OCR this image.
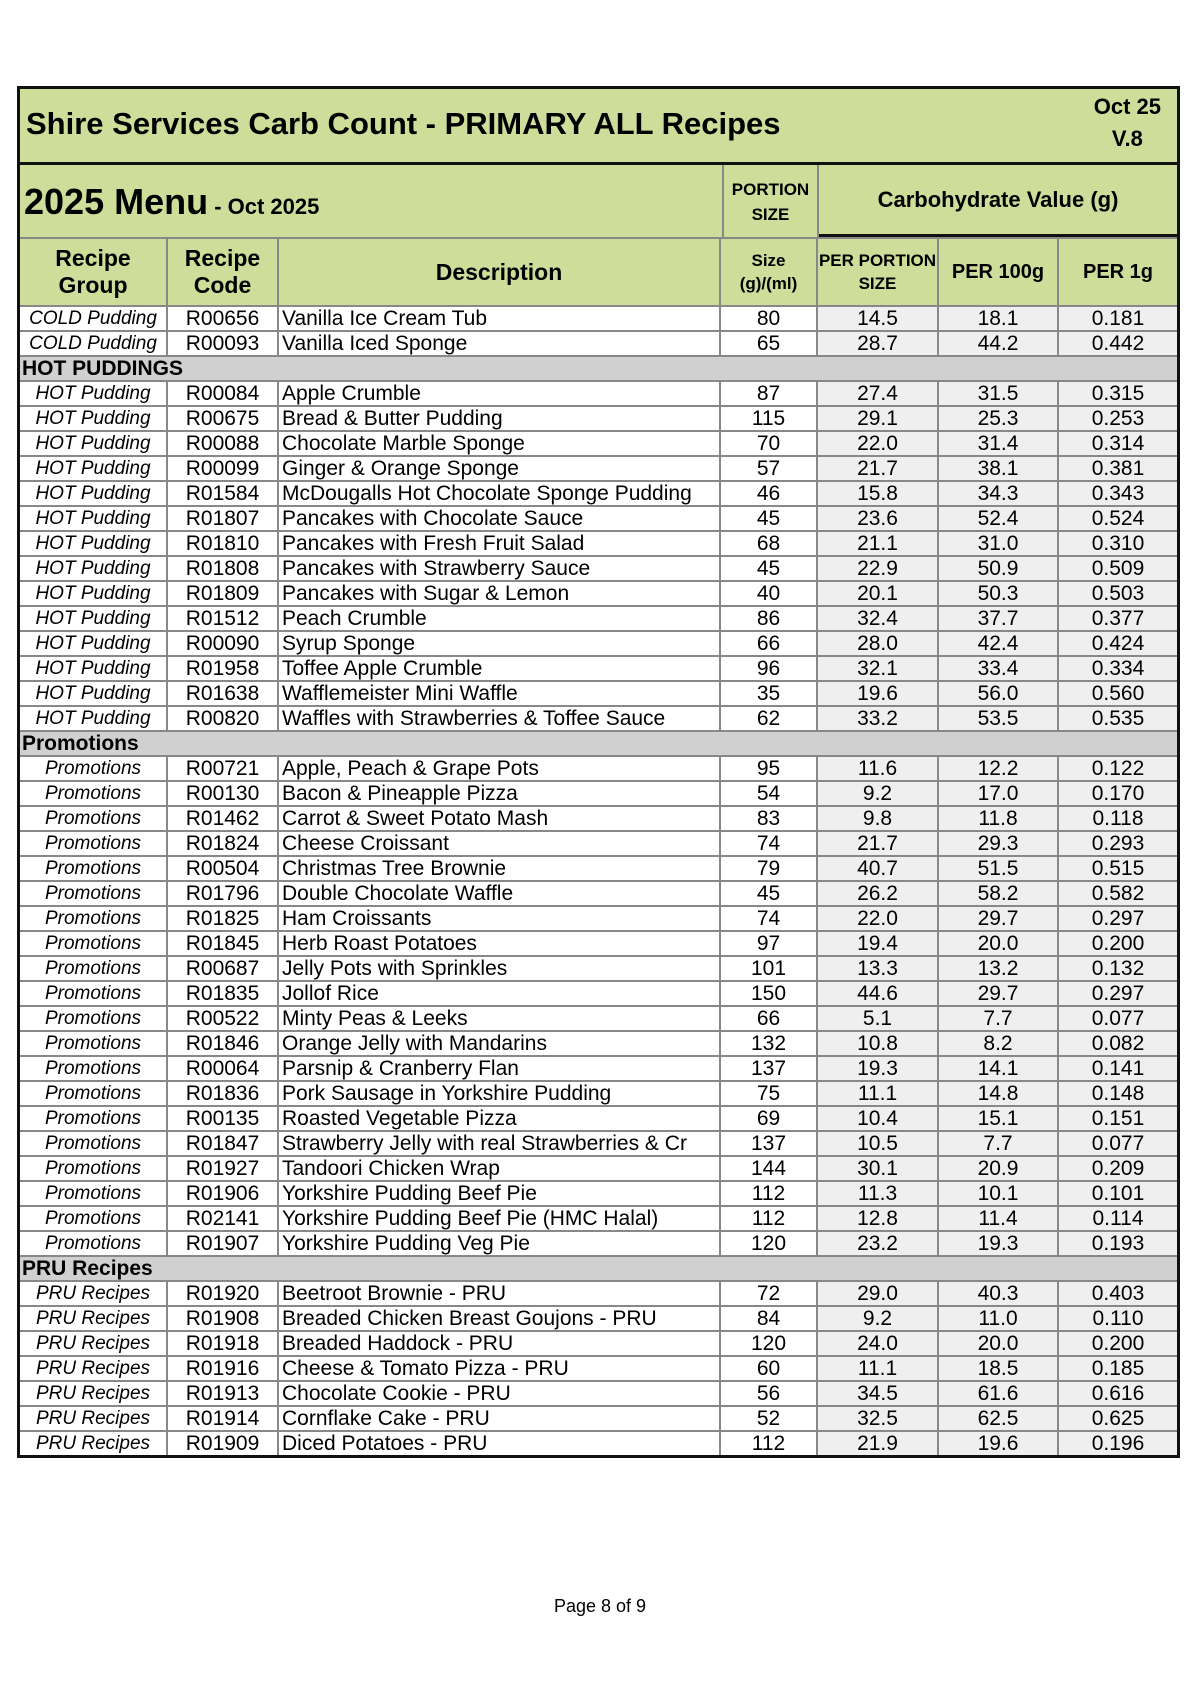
Shire Services Carb Count - PRIMARY ALL Recipes	Oct 25
V.8
2025 Menu - Oct 2025
PORTION SIZE
Carbohydrate Value (g)
Recipe Group	Recipe Code	Description	Size (g)/(ml)	PER PORTION SIZE	PER 100g	PER 1g
COLD Pudding	R00656	Vanilla Ice Cream Tub	80	14.5	18.1	0.181
COLD Pudding	R00093	Vanilla Iced Sponge	65	28.7	44.2	0.442
HOT PUDDINGS						
HOT Pudding	R00084	Apple Crumble	87	27.4	31.5	0.315
HOT Pudding	R00675	Bread & Butter Pudding	115	29.1	25.3	0.253
HOT Pudding	R00088	Chocolate Marble Sponge	70	22.0	31.4	0.314
HOT Pudding	R00099	Ginger & Orange Sponge	57	21.7	38.1	0.381
HOT Pudding	R01584	McDougalls Hot Chocolate Sponge Pudding	46	15.8	34.3	0.343
HOT Pudding	R01807	Pancakes with Chocolate Sauce	45	23.6	52.4	0.524
HOT Pudding	R01810	Pancakes with Fresh Fruit Salad	68	21.1	31.0	0.310
HOT Pudding	R01808	Pancakes with Strawberry Sauce	45	22.9	50.9	0.509
HOT Pudding	R01809	Pancakes with Sugar & Lemon	40	20.1	50.3	0.503
HOT Pudding	R01512	Peach Crumble	86	32.4	37.7	0.377
HOT Pudding	R00090	Syrup Sponge	66	28.0	42.4	0.424
HOT Pudding	R01958	Toffee Apple Crumble	96	32.1	33.4	0.334
HOT Pudding	R01638	Wafflemeister Mini Waffle	35	19.6	56.0	0.560
HOT Pudding	R00820	Waffles with Strawberries & Toffee Sauce	62	33.2	53.5	0.535
Promotions						
Promotions	R00721	Apple, Peach & Grape Pots	95	11.6	12.2	0.122
Promotions	R00130	Bacon & Pineapple Pizza	54	9.2	17.0	0.170
Promotions	R01462	Carrot & Sweet Potato Mash	83	9.8	11.8	0.118
Promotions	R01824	Cheese Croissant	74	21.7	29.3	0.293
Promotions	R00504	Christmas Tree Brownie	79	40.7	51.5	0.515
Promotions	R01796	Double Chocolate Waffle	45	26.2	58.2	0.582
Promotions	R01825	Ham Croissants	74	22.0	29.7	0.297
Promotions	R01845	Herb Roast Potatoes	97	19.4	20.0	0.200
Promotions	R00687	Jelly Pots with Sprinkles	101	13.3	13.2	0.132
Promotions	R01835	Jollof Rice	150	44.6	29.7	0.297
Promotions	R00522	Minty Peas & Leeks	66	5.1	7.7	0.077
Promotions	R01846	Orange Jelly with Mandarins	132	10.8	8.2	0.082
Promotions	R00064	Parsnip & Cranberry Flan	137	19.3	14.1	0.141
Promotions	R01836	Pork Sausage in Yorkshire Pudding	75	11.1	14.8	0.148
Promotions	R00135	Roasted Vegetable Pizza	69	10.4	15.1	0.151
Promotions	R01847	Strawberry Jelly with real Strawberries & Cr	137	10.5	7.7	0.077
Promotions	R01927	Tandoori Chicken Wrap	144	30.1	20.9	0.209
Promotions	R01906	Yorkshire Pudding Beef Pie	112	11.3	10.1	0.101
Promotions	R02141	Yorkshire Pudding Beef Pie (HMC Halal)	112	12.8	11.4	0.114
Promotions	R01907	Yorkshire Pudding Veg Pie	120	23.2	19.3	0.193
PRU Recipes						
PRU Recipes	R01920	Beetroot Brownie - PRU	72	29.0	40.3	0.403
PRU Recipes	R01908	Breaded Chicken Breast Goujons - PRU	84	9.2	11.0	0.110
PRU Recipes	R01918	Breaded Haddock - PRU	120	24.0	20.0	0.200
PRU Recipes	R01916	Cheese & Tomato Pizza - PRU	60	11.1	18.5	0.185
PRU Recipes	R01913	Chocolate Cookie - PRU	56	34.5	61.6	0.616
PRU Recipes	R01914	Cornflake Cake - PRU	52	32.5	62.5	0.625
PRU Recipes	R01909	Diced Potatoes - PRU	112	21.9	19.6	0.196
Page 8 of 9
